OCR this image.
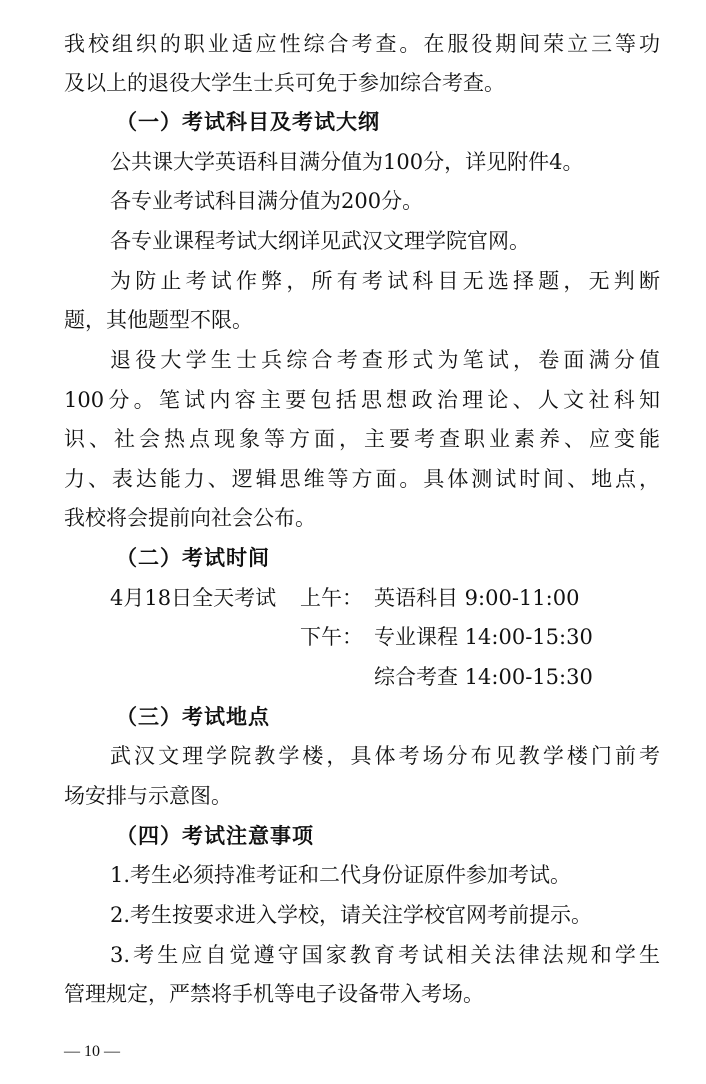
我校组织的职业适应性综合考查。在服役期间荣立三等功
及以上的退役大学生士兵可免于参加综合考查。
（一）考试科目及考试大纲
公共课大学英语科目满分值为100分，详见附件4。
各专业考试科目满分值为200分。
各专业课程考试大纲详见武汉文理学院官网。
为防止考试作弊，所有考试科目无选择题，无判断
题，其他题型不限。
退役大学生士兵综合考查形式为笔试，卷面满分值
100分。笔试内容主要包括思想政治理论、人文社科知
识、社会热点现象等方面，主要考查职业素养、应变能
力、表达能力、逻辑思维等方面。具体测试时间、地点，
我校将会提前向社会公布。
（二）考试时间
4月18日全天考试 上午： 英语科目 9:00-11:00
下午： 专业课程 14:00-15:30
综合考查 14:00-15:30
（三）考试地点
武汉文理学院教学楼，具体考场分布见教学楼门前考
场安排与示意图。
（四）考试注意事项
1.考生必须持准考证和二代身份证原件参加考试。
2.考生按要求进入学校，请关注学校官网考前提示。
3.考生应自觉遵守国家教育考试相关法律法规和学生
管理规定，严禁将手机等电子设备带入考场。
— 10 —
